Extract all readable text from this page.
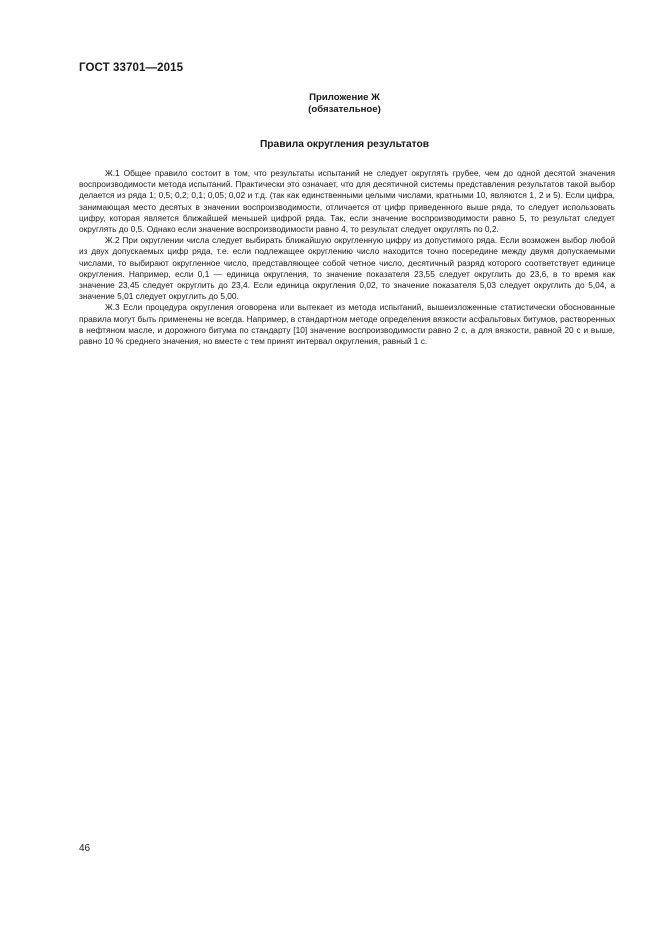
ГОСТ 33701—2015
Приложение Ж
(обязательное)
Правила округления результатов

Ж.1 Общее правило состоит в том, что результаты испытаний не следует округлять грубее, чем до одной десятой значения воспроизводимости метода испытаний. Практически это означает, что для десятичной системы представления результатов такой выбор делается из ряда 1; 0,5; 0,2; 0,1; 0,05; 0,02 и т.д. (так как единственными целыми числами, кратными 10, являются 1, 2 и 5). Если цифра, занимающая место десятых в значении воспроизводимости, отличается от цифр приведенного выше ряда, то следует использовать цифру, которая является ближайшей меньшей цифрой ряда. Так, если значение воспроизводимости равно 5, то результат следует округлять до 0,5. Однако если значение воспроизводимости равно 4, то результат следует округлять по 0,2.

Ж.2 При округлении числа следует выбирать ближайшую округленную цифру из допустимого ряда. Если возможен выбор любой из двух допускаемых цифр ряда, т.е. если подлежащее округлению число находится точно посередине между двумя допускаемыми числами, то выбирают округленное число, представляющее собой четное число, десятичный разряд которого соответствует единице округления. Например, если 0,1 — единица округления, то значение показателя 23,55 следует округлить до 23,6, в то время как значение 23,45 следует округлить до 23,4. Если единица округления 0,02, то значение показателя 5,03 следует округлить до 5,04, а значение 5,01 следует округлить до 5,00.

Ж.3 Если процедура округления оговорена или вытекает из метода испытаний, вышеизложенные статистически обоснованные правила могут быть применены не всегда. Например, в стандартном методе определения вязкости асфальтовых битумов, растворенных в нефтяном масле, и дорожного битума по стандарту [10] значение воспроизводимости равно 2 с, а для вязкости, равной 20 с и выше, равно 10 % среднего значения, но вместе с тем принят интервал округления, равный 1 с.

46
